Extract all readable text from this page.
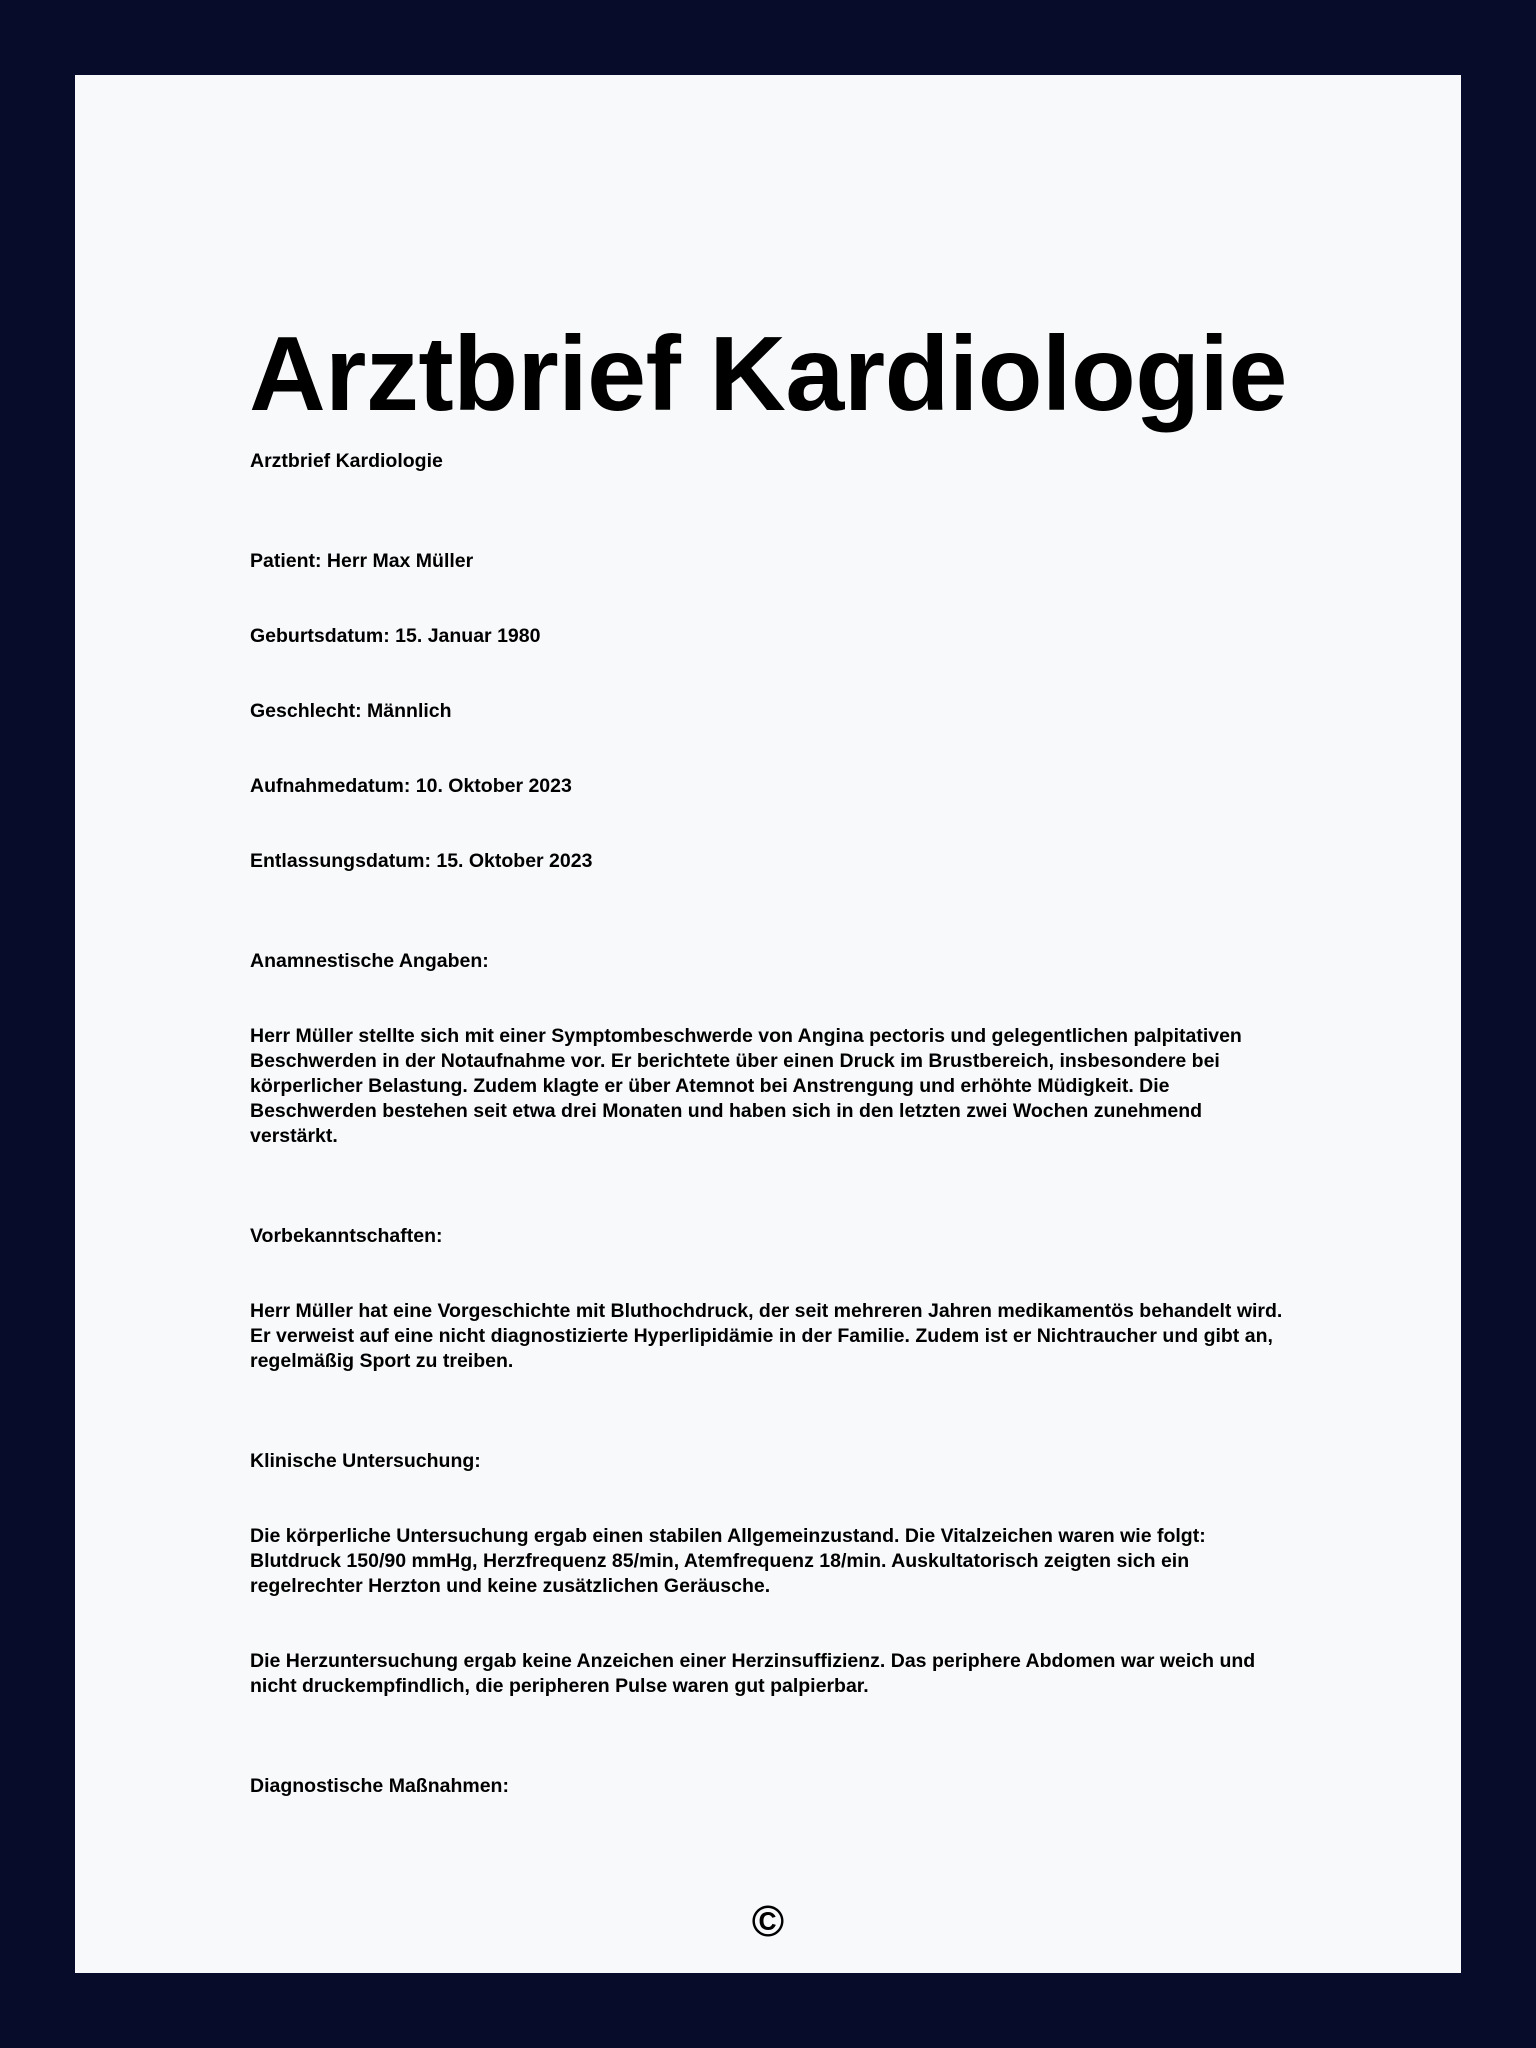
Arztbrief Kardiologie
Arztbrief Kardiologie
Patient: Herr Max Müller
Geburtsdatum: 15. Januar 1980
Geschlecht: Männlich
Aufnahmedatum: 10. Oktober 2023
Entlassungsdatum: 15. Oktober 2023
Anamnestische Angaben:
Herr Müller stellte sich mit einer Symptombeschwerde von Angina pectoris und gelegentlichen palpitativen Beschwerden in der Notaufnahme vor. Er berichtete über einen Druck im Brustbereich, insbesondere bei körperlicher Belastung. Zudem klagte er über Atemnot bei Anstrengung und erhöhte Müdigkeit. Die Beschwerden bestehen seit etwa drei Monaten und haben sich in den letzten zwei Wochen zunehmend verstärkt.
Vorbekanntschaften:
Herr Müller hat eine Vorgeschichte mit Bluthochdruck, der seit mehreren Jahren medikamentös behandelt wird. Er verweist auf eine nicht diagnostizierte Hyperlipidämie in der Familie. Zudem ist er Nichtraucher und gibt an, regelmäßig Sport zu treiben.
Klinische Untersuchung:
Die körperliche Untersuchung ergab einen stabilen Allgemeinzustand. Die Vitalzeichen waren wie folgt: Blutdruck 150/90 mmHg, Herzfrequenz 85/min, Atemfrequenz 18/min. Auskultatorisch zeigten sich ein regelrechter Herzton und keine zusätzlichen Geräusche.
Die Herzuntersuchung ergab keine Anzeichen einer Herzinsuffizienz. Das periphere Abdomen war weich und nicht druckempfindlich, die peripheren Pulse waren gut palpierbar.
Diagnostische Maßnahmen:
©
